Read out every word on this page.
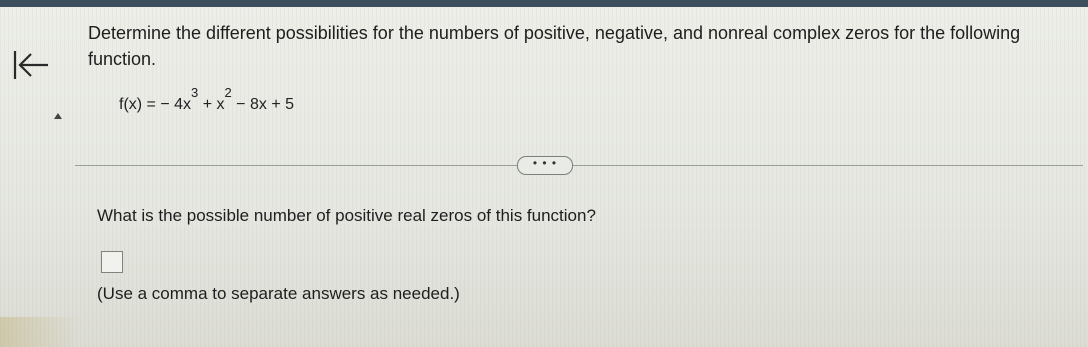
Determine the different possibilities for the numbers of positive, negative, and nonreal complex zeros for the following function.
f(x) = − $4x^3 + x^2 - 8x + 5$
• • •
What is the possible number of positive real zeros of this function?
(Use a comma to separate answers as needed.)
